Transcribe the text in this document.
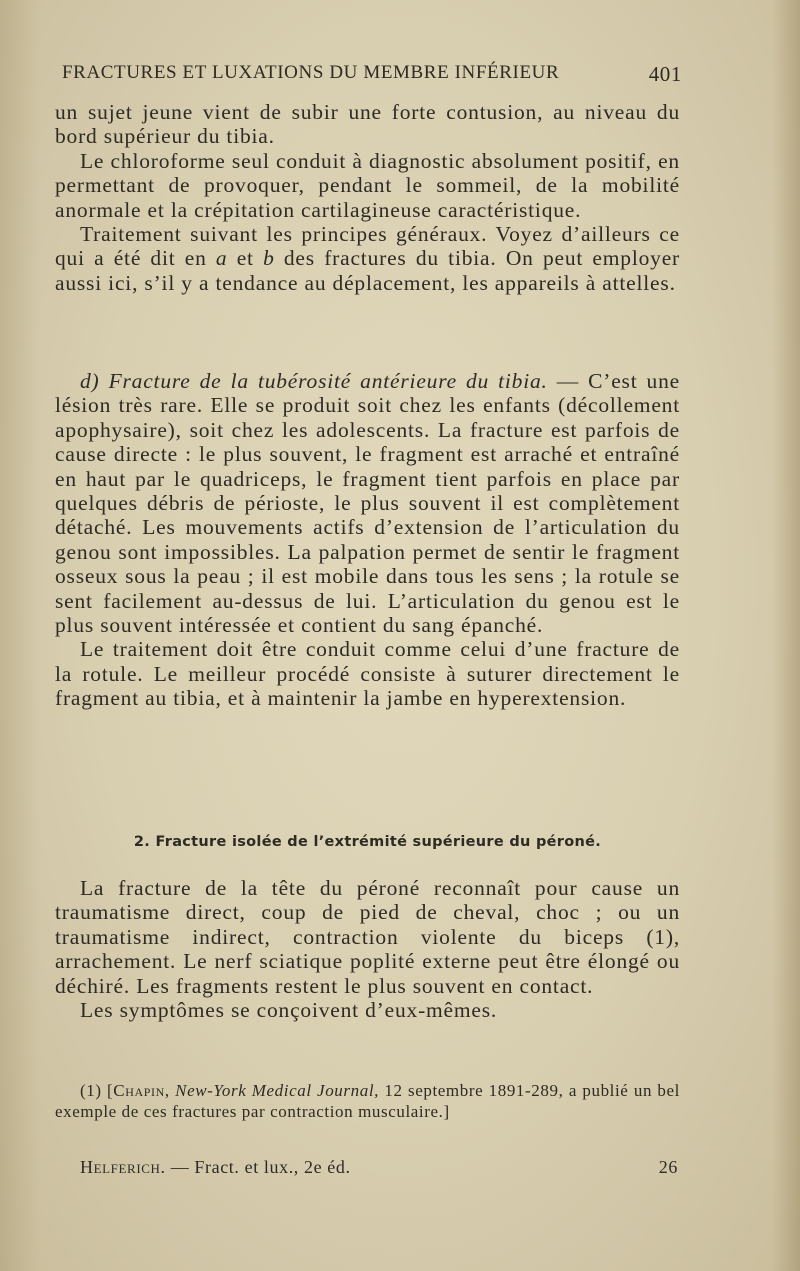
FRACTURES ET LUXATIONS DU MEMBRE INFÉRIEUR	401

un sujet jeune vient de subir une forte contusion, au niveau du bord supérieur du tibia.

Le chloroforme seul conduit à diagnostic absolument positif, en permettant de provoquer, pendant le sommeil, de la mobilité anormale et la crépitation cartilagineuse caractéristique.

Traitement suivant les principes généraux. Voyez d’ailleurs ce qui a été dit en a et b des fractures du tibia. On peut employer aussi ici, s’il y a tendance au déplacement, les appareils à attelles.

d) Fracture de la tubérosité antérieure du tibia. — C’est une lésion très rare. Elle se produit soit chez les enfants (décollement apophysaire), soit chez les adolescents. La fracture est parfois de cause directe : le plus souvent, le fragment est arraché et entraîné en haut par le quadriceps, le fragment tient parfois en place par quelques débris de périoste, le plus souvent il est complètement détaché. Les mouvements actifs d’extension de l’articulation du genou sont impossibles. La palpation permet de sentir le fragment osseux sous la peau ; il est mobile dans tous les sens ; la rotule se sent facilement au-dessus de lui. L’articulation du genou est le plus souvent intéressée et contient du sang épanché.

Le traitement doit être conduit comme celui d’une fracture de la rotule. Le meilleur procédé consiste à suturer directement le fragment au tibia, et à maintenir la jambe en hyperextension.

2. Fracture isolée de l’extrémité supérieure du péroné.

La fracture de la tête du péroné reconnaît pour cause un traumatisme direct, coup de pied de cheval, choc ; ou un traumatisme indirect, contraction violente du biceps (1), arrachement. Le nerf sciatique poplité externe peut être élongé ou déchiré. Les fragments restent le plus souvent en contact.

Les symptômes se conçoivent d’eux-mêmes.

(1) [Chapin, New-York Medical Journal, 12 septembre 1891-289, a publié un bel exemple de ces fractures par contraction musculaire.]

Helferich. — Fract. et lux., 2e éd.	26
